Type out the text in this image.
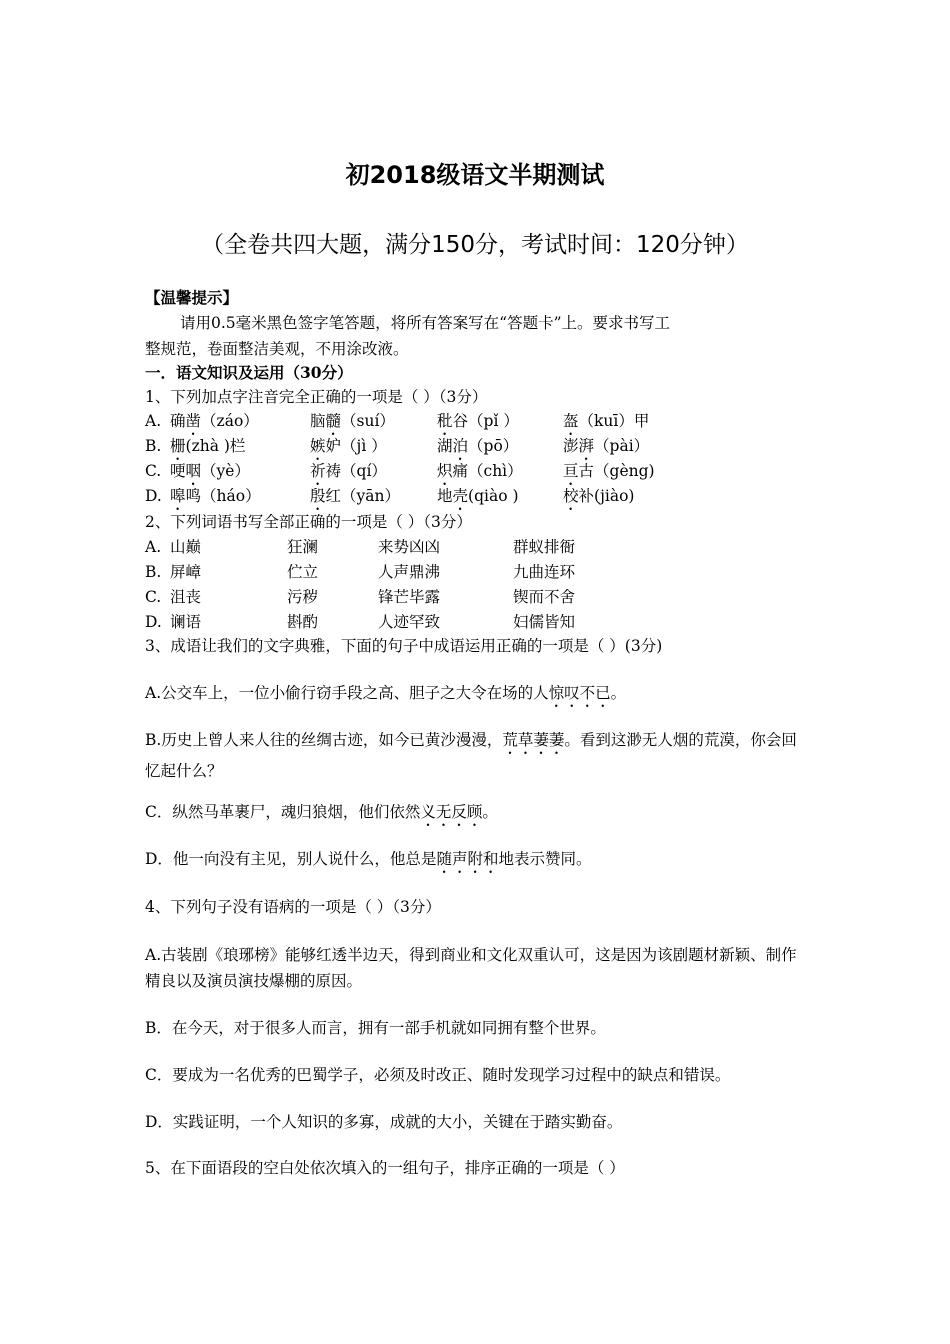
初2018级语文半期测试
（全卷共四大题，满分150分，考试时间：120分钟）
【温馨提示】
请用0.5毫米黑色签字笔答题，将所有答案写在“答题卡”上。要求书写工
整规范，卷面整洁美观，不用涂改液。
一．语文知识及运用（30分）
1、下列加点字注音完全正确的一项是（ ）（3分）
A. 确凿（záo）	脑髓（suí）	秕谷（pǐ ）	盔（kuī）甲
B. 栅(zhà )栏	嫉妒（jì ）	湖泊（pō）	澎湃（pài）
C. 哽咽（yè）	祈祷（qí）	炽痛（chì）	亘古（gèng)
D. 嗥鸣（háo）	殷红（yān） 地壳(qiào )	校补(jiào)
2、下列词语书写全部正确的一项是（ ）（3分）
A. 山巅	狂澜	来势凶凶	群蚁排衙
B. 屏嶂	伫立	人声鼎沸	九曲连环
C. 沮丧	污秽	锋芒毕露	锲而不舍
D. 谰语	斟酌	人迹罕致	妇儒皆知
3、成语让我们的文字典雅，下面的句子中成语运用正确的一项是（ ）(3分)
A.公交车上，一位小偷行窃手段之高、胆子之大令在场的人惊叹不已。
B.历史上曾人来人往的丝绸古迹，如今已黄沙漫漫，荒草萋萋。看到这渺无人烟的荒漠，你会回忆起什么？
C．纵然马革裹尸，魂归狼烟，他们依然义无反顾。
D．他一向没有主见，别人说什么，他总是随声附和地表示赞同。
4、下列句子没有语病的一项是（ ）（3分）
A.古装剧《琅琊榜》能够红透半边天，得到商业和文化双重认可，这是因为该剧题材新颖、制作精良以及演员演技爆棚的原因。
B．在今天，对于很多人而言，拥有一部手机就如同拥有整个世界。
C．要成为一名优秀的巴蜀学子，必须及时改正、随时发现学习过程中的缺点和错误。
D．实践证明，一个人知识的多寡，成就的大小，关键在于踏实勤奋。
5、在下面语段的空白处依次填入的一组句子，排序正确的一项是（ ）
